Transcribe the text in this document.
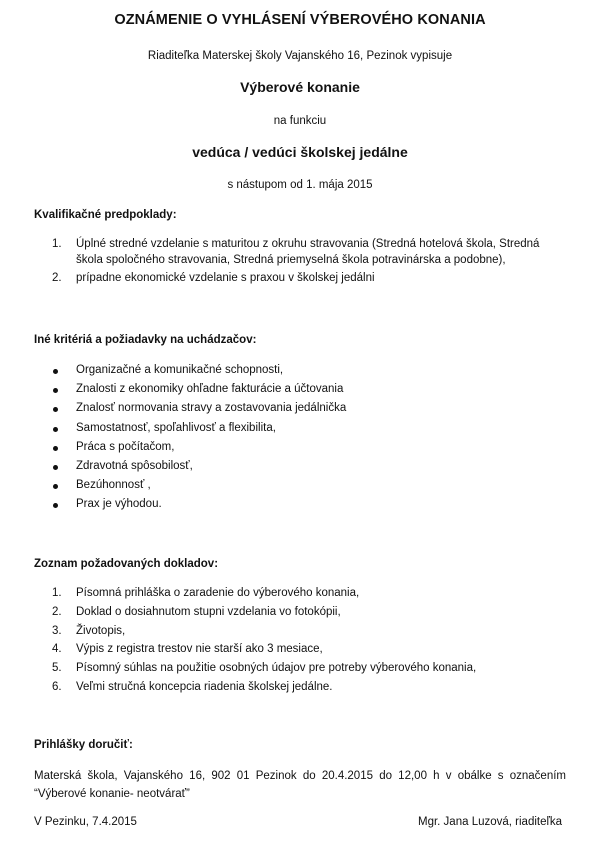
OZNÁMENIE O VYHLÁSENÍ VÝBEROVÉHO KONANIA
Riaditeľka Materskej školy Vajanského 16, Pezinok vypisuje
Výberové konanie
na funkciu
vedúca / vedúci školskej jedálne
s nástupom od 1. mája 2015
Kvalifikačné predpoklady:
1. Úplné stredné vzdelanie s maturitou z okruhu stravovania (Stredná hotelová škola, Stredná škola spoločného stravovania, Stredná priemyselná škola potravinárska a podobne),
2. prípadne ekonomické vzdelanie s praxou v školskej jedálni
Iné kritériá a požiadavky na uchádzačov:
Organizačné a komunikačné schopnosti,
Znalosti z ekonomiky ohľadne fakturácie a účtovania
Znalosť normovania stravy a zostavovania jedálnička
Samostatnosť, spoľahlivosť a flexibilita,
Práca s počítačom,
Zdravotná spôsobilosť,
Bezúhonnosť ,
Prax je výhodou.
Zoznam požadovaných dokladov:
1. Písomná prihláška o zaradenie do výberového konania,
2. Doklad o dosiahnutom stupni vzdelania vo fotokópii,
3. Životopis,
4. Výpis z registra trestov nie starší ako 3 mesiace,
5. Písomný súhlas na použitie osobných údajov pre potreby výberového konania,
6. Veľmi stručná koncepcia riadenia školskej jedálne.
Prihlášky doručiť:
Materská škola, Vajanského 16, 902 01 Pezinok do 20.4.2015 do 12,00 h v obálke s označením “Výberové konanie- neotvárať”
V Pezinku, 7.4.2015	Mgr. Jana Luzová, riaditeľka
